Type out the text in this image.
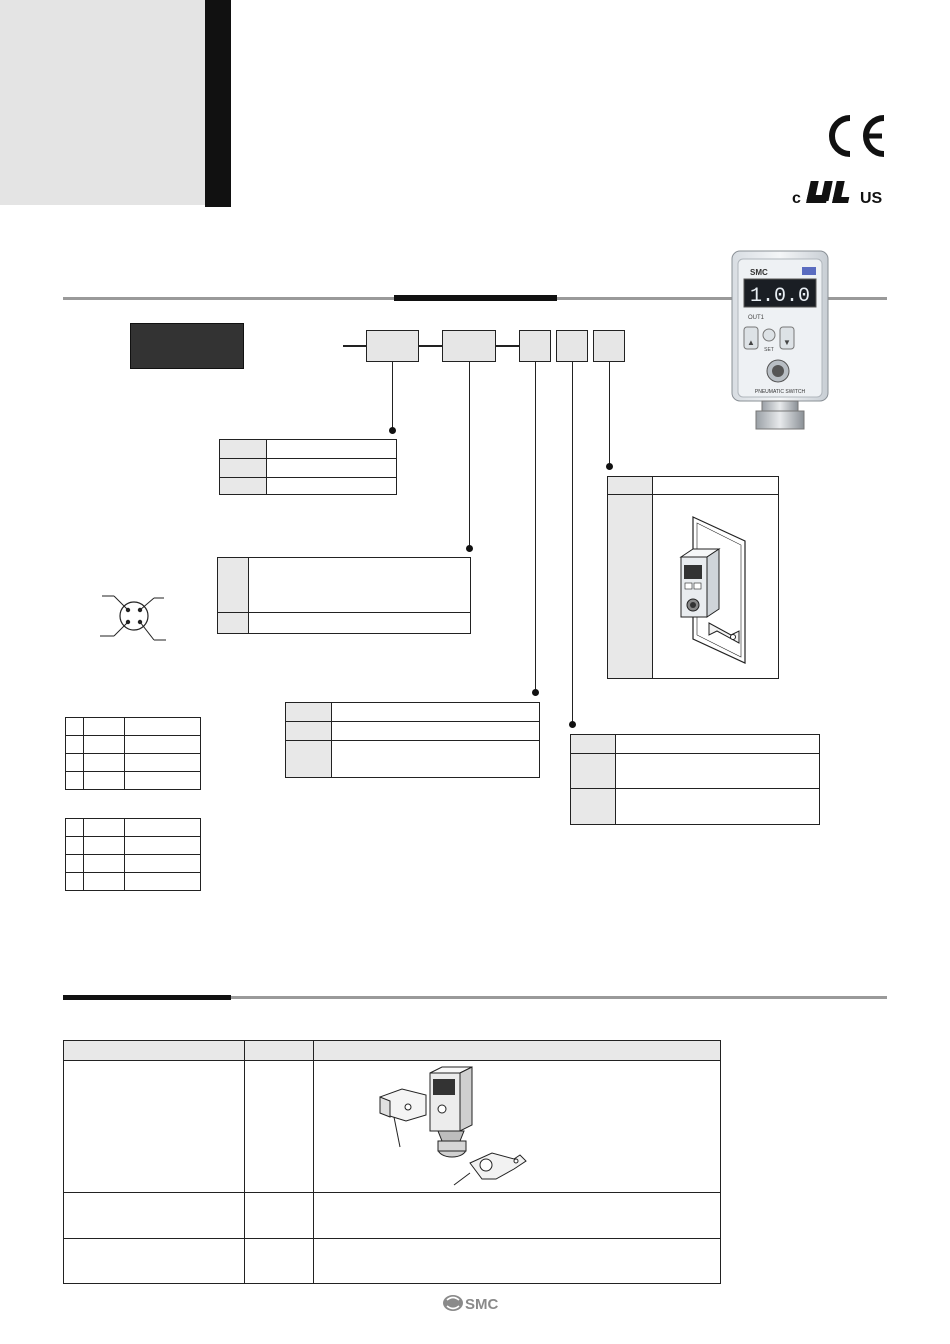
c	US
SMC
1.0.0
OUT1
▲	▼
SET
PNEUMATIC SWITCH

SMC
